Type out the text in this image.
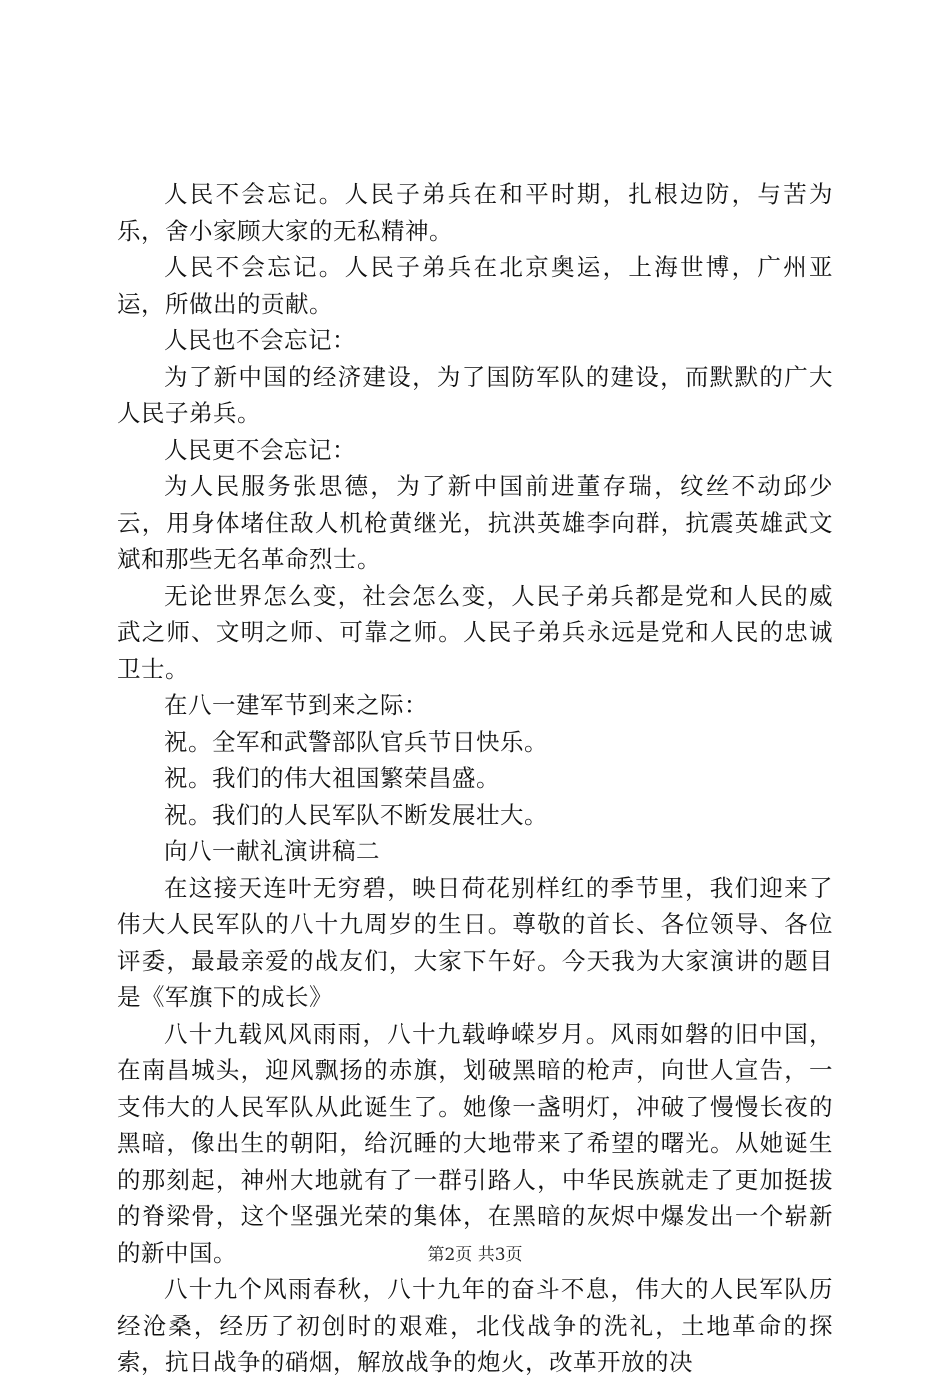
人民不会忘记。人民子弟兵在和平时期，扎根边防，与苦为乐，舍小家顾大家的无私精神。

人民不会忘记。人民子弟兵在北京奥运，上海世博，广州亚运，所做出的贡献。

人民也不会忘记：

为了新中国的经济建设，为了国防军队的建设，而默默的广大人民子弟兵。

人民更不会忘记：

为人民服务张思德，为了新中国前进董存瑞，纹丝不动邱少云，用身体堵住敌人机枪黄继光，抗洪英雄李向群，抗震英雄武文斌和那些无名革命烈士。

无论世界怎么变，社会怎么变，人民子弟兵都是党和人民的威武之师、文明之师、可靠之师。人民子弟兵永远是党和人民的忠诚卫士。

在八一建军节到来之际：

祝。全军和武警部队官兵节日快乐。

祝。我们的伟大祖国繁荣昌盛。

祝。我们的人民军队不断发展壮大。

向八一献礼演讲稿二

在这接天连叶无穷碧，映日荷花别样红的季节里，我们迎来了伟大人民军队的八十九周岁的生日。尊敬的首长、各位领导、各位评委，最最亲爱的战友们，大家下午好。今天我为大家演讲的题目是《军旗下的成长》

八十九载风风雨雨，八十九载峥嵘岁月。风雨如磐的旧中国，在南昌城头，迎风飘扬的赤旗，划破黑暗的枪声，向世人宣告，一支伟大的人民军队从此诞生了。她像一盏明灯，冲破了慢慢长夜的黑暗，像出生的朝阳，给沉睡的大地带来了希望的曙光。从她诞生的那刻起，神州大地就有了一群引路人，中华民族就走了更加挺拔的脊梁骨，这个坚强光荣的集体，在黑暗的灰烬中爆发出一个崭新的新中国。

八十九个风雨春秋，八十九年的奋斗不息，伟大的人民军队历经沧桑，经历了初创时的艰难，北伐战争的洗礼，土地革命的探索，抗日战争的硝烟，解放战争的炮火，改革开放的决

第2页 共3页
